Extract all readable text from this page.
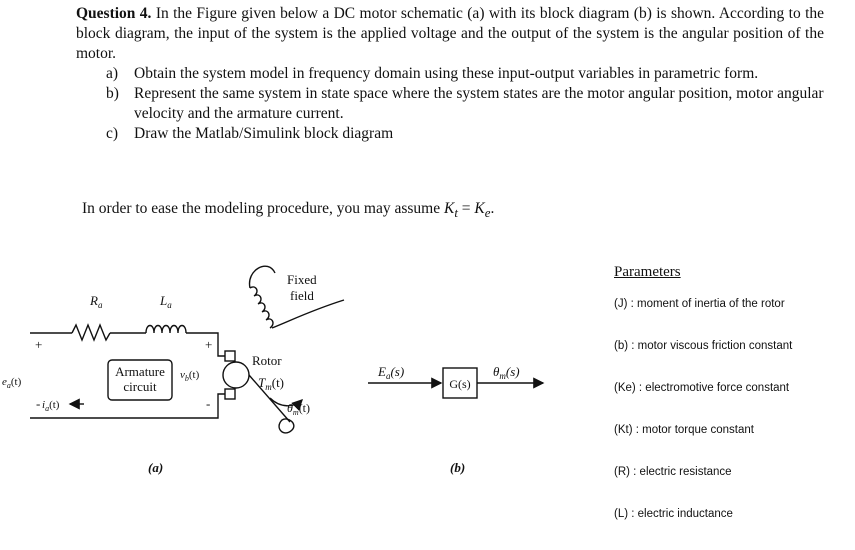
Question 4. In the Figure given below a DC motor schematic (a) with its block diagram (b) is shown. According to the block diagram, the input of the system is the applied voltage and the output of the system is the angular position of the motor.

a) Obtain the system model in frequency domain using these input-output variables in parametric form.
b) Represent the same system in state space where the system states are the motor angular position, motor angular velocity and the armature current.
c) Draw the Matlab/Simulink block diagram
In order to ease the modeling procedure, you may assume $K_t = K_e$.
$R_a$	$L_a$
+	+
-	-
$e_a(t)$
$i_a(t)$
Armature
circuit
$v_b(t)$
Fixed
field
Rotor
$T_m(t)$
$\theta_m(t)$
(a)
$E_a(s)$
G(s)
$\theta_m(s)$
(b)
Parameters
(J) : moment of inertia of the rotor
(b) : motor viscous friction constant
(Ke) : electromotive force constant
(Kt) : motor torque constant
(R) : electric resistance
(L) : electric inductance
